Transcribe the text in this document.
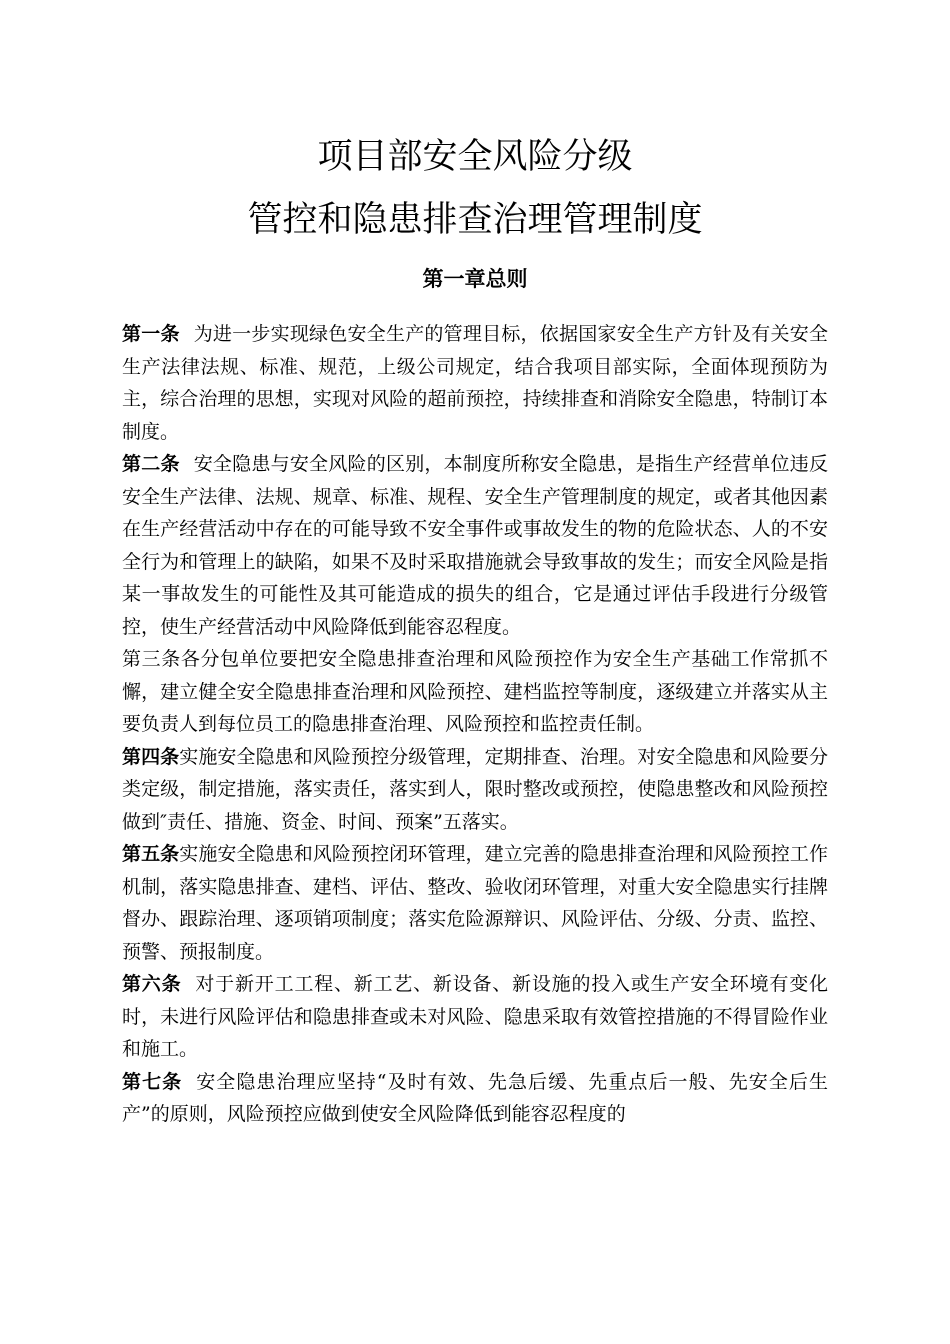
项目部安全风险分级
管控和隐患排查治理管理制度
第一章总则

第一条 为进一步实现绿色安全生产的管理目标，依据国家安全生产方针及有关安全生产法律法规、标准、规范，上级公司规定，结合我项目部实际，全面体现预防为主，综合治理的思想，实现对风险的超前预控，持续排查和消除安全隐患，特制订本制度。

第二条 安全隐患与安全风险的区别，本制度所称安全隐患，是指生产经营单位违反安全生产法律、法规、规章、标准、规程、安全生产管理制度的规定，或者其他因素在生产经营活动中存在的可能导致不安全事件或事故发生的物的危险状态、人的不安全行为和管理上的缺陷，如果不及时采取措施就会导致事故的发生；而安全风险是指某一事故发生的可能性及其可能造成的损失的组合，它是通过评估手段进行分级管控，使生产经营活动中风险降低到能容忍程度。

第三条各分包单位要把安全隐患排查治理和风险预控作为安全生产基础工作常抓不懈，建立健全安全隐患排查治理和风险预控、建档监控等制度，逐级建立并落实从主要负责人到每位员工的隐患排查治理、风险预控和监控责任制。

第四条实施安全隐患和风险预控分级管理，定期排查、治理。对安全隐患和风险要分类定级，制定措施，落实责任，落实到人，限时整改或预控，使隐患整改和风险预控做到″责任、措施、资金、时间、预案”五落实。

第五条实施安全隐患和风险预控闭环管理，建立完善的隐患排查治理和风险预控工作机制，落实隐患排查、建档、评估、整改、验收闭环管理，对重大安全隐患实行挂牌督办、跟踪治理、逐项销项制度；落实危险源辩识、风险评估、分级、分责、监控、预警、预报制度。

第六条 对于新开工工程、新工艺、新设备、新设施的投入或生产安全环境有变化时，未进行风险评估和隐患排查或未对风险、隐患采取有效管控措施的不得冒险作业和施工。

第七条 安全隐患治理应坚持“及时有效、先急后缓、先重点后一般、先安全后生产”的原则，风险预控应做到使安全风险降低到能容忍程度的
